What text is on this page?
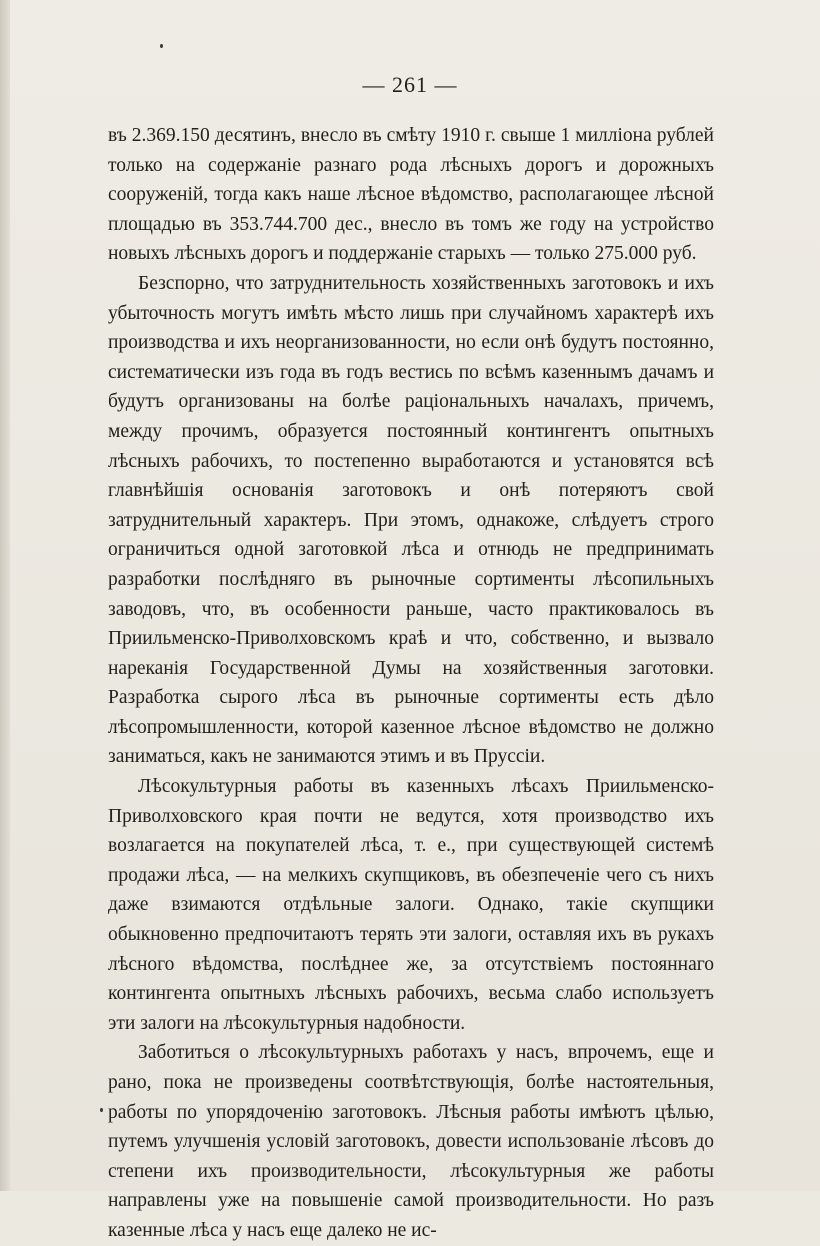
— 261 —

въ 2.369.150 десятинъ, внесло въ смѣту 1910 г. свыше 1 милліона рублей только на содержаніе разнаго рода лѣсныхъ дорогъ и дорожныхъ сооруженій, тогда какъ наше лѣсное вѣдомство, располагающее лѣсной площадью въ 353.744.700 дес., внесло въ томъ же году на устройство новыхъ лѣсныхъ дорогъ и поддержаніе старыхъ — только 275.000 руб.

Безспорно, что затруднительность хозяйственныхъ заготовокъ и ихъ убыточность могутъ имѣть мѣсто лишь при случайномъ характерѣ ихъ производства и ихъ неорганизованности, но если онѣ будутъ постоянно, систематически изъ года въ годъ вестись по всѣмъ казеннымъ дачамъ и будутъ организованы на болѣе раціональныхъ началахъ, причемъ, между прочимъ, образуется постоянный контингентъ опытныхъ лѣсныхъ рабочихъ, то постепенно выработаются и установятся всѣ главнѣйшія основанія заготовокъ и онѣ потеряютъ свой затруднительный характеръ. При этомъ, однакоже, слѣдуетъ строго ограничиться одной заготовкой лѣса и отнюдь не предпринимать разработки послѣдняго въ рыночные сортименты лѣсопильныхъ заводовъ, что, въ особенности раньше, часто практиковалось въ Приильменско-Приволховскомъ краѣ и что, собственно, и вызвало нареканія Государственной Думы на хозяйственныя заготовки. Разработка сырого лѣса въ рыночные сортименты есть дѣло лѣсопромышленности, которой казенное лѣсное вѣдомство не должно заниматься, какъ не занимаются этимъ и въ Пруссіи.

Лѣсокультурныя работы въ казенныхъ лѣсахъ Приильменско-Приволховского края почти не ведутся, хотя производство ихъ возлагается на покупателей лѣса, т. е., при существующей системѣ продажи лѣса, — на мелкихъ скупщиковъ, въ обезпеченіе чего съ нихъ даже взимаются отдѣльные залоги. Однако, такіе скупщики обыкновенно предпочитаютъ терять эти залоги, оставляя ихъ въ рукахъ лѣсного вѣдомства, послѣднее же, за отсутствіемъ постояннаго контингента опытныхъ лѣсныхъ рабочихъ, весьма слабо используетъ эти залоги на лѣсокультурныя надобности.

Заботиться о лѣсокультурныхъ работахъ у насъ, впрочемъ, еще и рано, пока не произведены соотвѣтствующія, болѣе настоятельныя, работы по упорядоченію заготовокъ. Лѣсныя работы имѣютъ цѣлью, путемъ улучшенія условій заготовокъ, довести использованіе лѣсовъ до степени ихъ производительности, лѣсокультурныя же работы направлены уже на повышеніе самой производительности. Но разъ казенные лѣса у насъ еще далеко не ис-
